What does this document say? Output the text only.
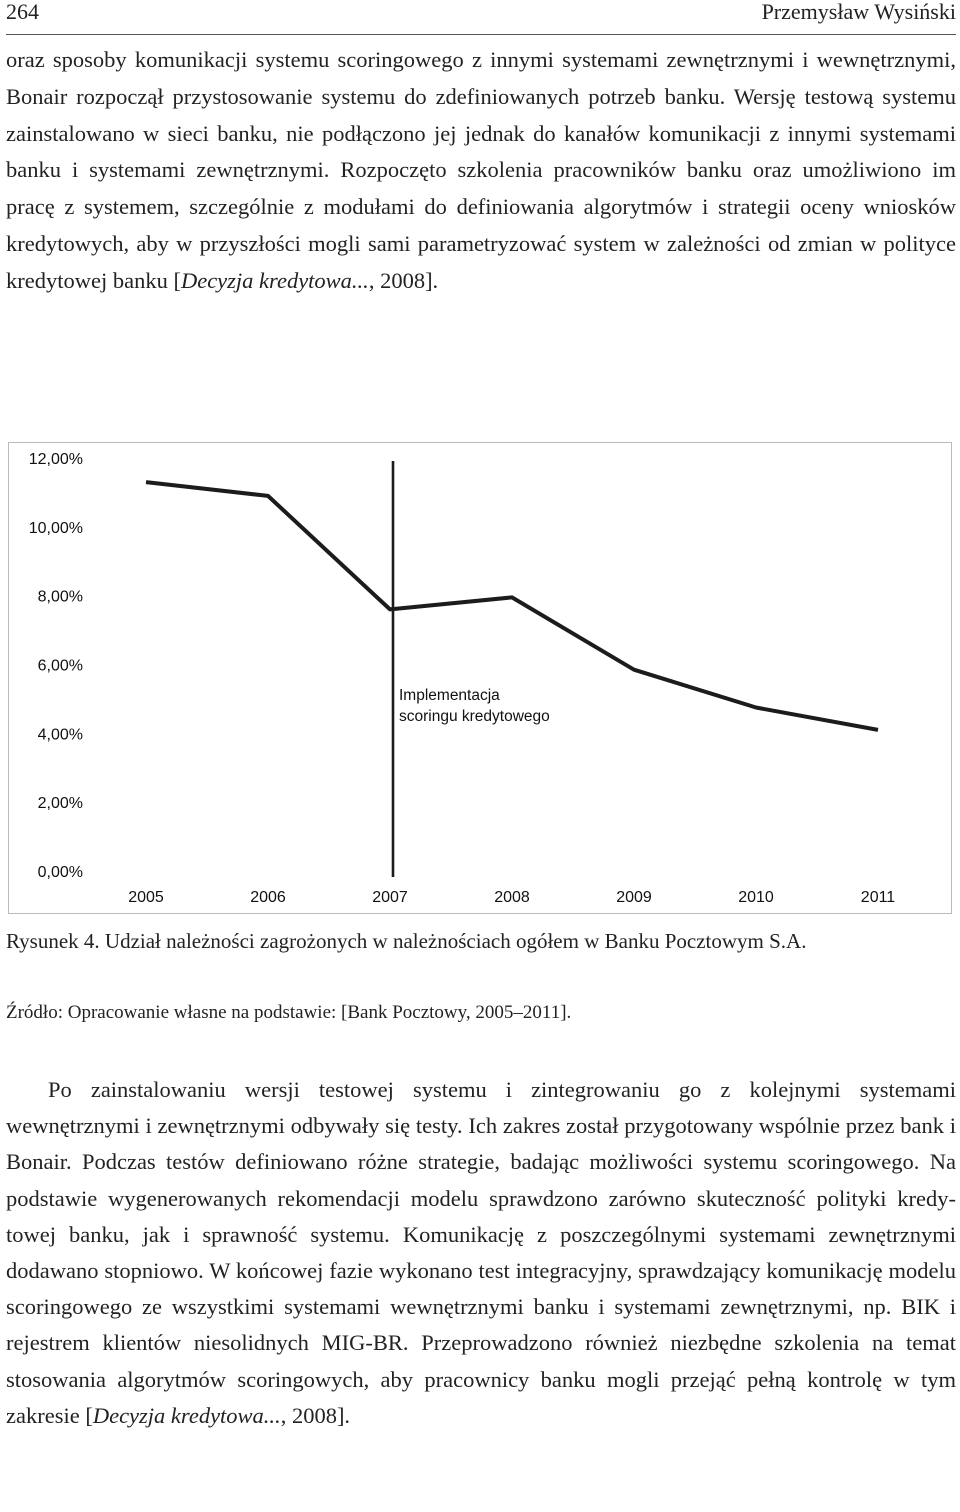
264	Przemysław Wysiński
oraz sposoby komunikacji systemu scoringowego z innymi systemami zewnętrznymi i wewnętrznymi, Bonair rozpoczął przystosowanie systemu do zdefiniowanych potrzeb banku. Wersję testową systemu zainstalowano w sieci banku, nie podłączono jej jednak do kanałów komunikacji z innymi systemami banku i systemami zewnętrznymi. Rozpoczęto szkolenia pracowników banku oraz umożliwiono im pracę z systemem, szczególnie z modułami do definiowania algorytmów i strategii oceny wniosków kredytowych, aby w przyszłości mogli sami parametryzować system w zależności od zmian w polityce kredytowej banku [Decyzja kredytowa..., 2008].
0,00%
2,00%
4,00%
6,00%
8,00%
10,00%
12,00%
2005	2006	2007	2008	2009	2010	2011
Implementacja
scoringu kredytowego
Rysunek 4. Udział należności zagrożonych w należnościach ogółem w Banku Pocztowym S.A.
Źródło: Opracowanie własne na podstawie: [Bank Pocztowy, 2005–2011].
Po zainstalowaniu wersji testowej systemu i zintegrowaniu go z kolejnymi systemami wewnętrznymi i zewnętrznymi odbywały się testy. Ich zakres został przygotowany wspólnie przez bank i Bonair. Podczas testów definiowano różne strategie, badając możliwości systemu scoringowego. Na podstawie wygenerowanych rekomendacji modelu sprawdzono zarówno skuteczność polityki kredytowej banku, jak i sprawność systemu. Komunikację z poszczególnymi systemami zewnętrznymi dodawano stopniowo. W końcowej fazie wykonano test integracyjny, sprawdzający komunikację modelu scoringowego ze wszystkimi systemami wewnętrznymi banku i systemami zewnętrznymi, np. BIK i rejestrem klientów niesolidnych MIG-BR. Przeprowadzono również niezbędne szkolenia na temat stosowania algorytmów scoringowych, aby pracownicy banku mogli przejąć pełną kontrolę w tym zakresie [Decyzja kredytowa..., 2008].
